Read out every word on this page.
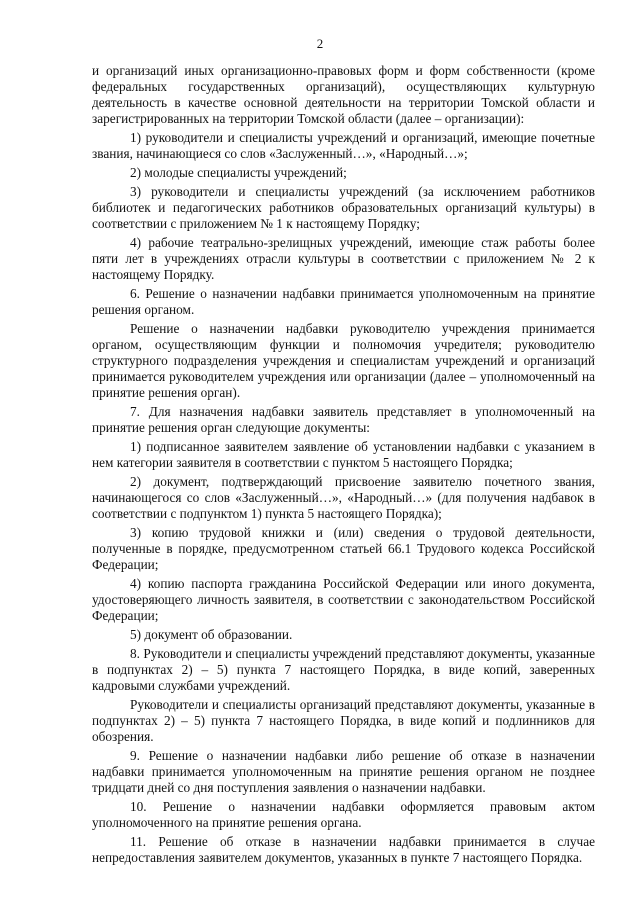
2

и организаций иных организационно-правовых форм и форм собственности (кроме федеральных государственных организаций), осуществляющих культурную деятельность в качестве основной деятельности на территории Томской области и зарегистрированных на территории Томской области (далее – организации):

1) руководители и специалисты учреждений и организаций, имеющие почетные звания, начинающиеся со слов «Заслуженный…», «Народный…»;

2) молодые специалисты учреждений;

3) руководители и специалисты учреждений (за исключением работников библиотек и педагогических работников образовательных организаций культуры) в соответствии с приложением № 1 к настоящему Порядку;

4) рабочие театрально-зрелищных учреждений, имеющие стаж работы более пяти лет в учреждениях отрасли культуры в соответствии с приложением № 2 к настоящему Порядку.

6. Решение о назначении надбавки принимается уполномоченным на принятие решения органом.

Решение о назначении надбавки руководителю учреждения принимается органом, осуществляющим функции и полномочия учредителя; руководителю структурного подразделения учреждения и специалистам учреждений и организаций принимается руководителем учреждения или организации (далее – уполномоченный на принятие решения орган).

7. Для назначения надбавки заявитель представляет в уполномоченный на принятие решения орган следующие документы:

1) подписанное заявителем заявление об установлении надбавки с указанием в нем категории заявителя в соответствии с пунктом 5 настоящего Порядка;

2) документ, подтверждающий присвоение заявителю почетного звания, начинающегося со слов «Заслуженный…», «Народный…» (для получения надбавок в соответствии с подпунктом 1) пункта 5 настоящего Порядка);

3) копию трудовой книжки и (или) сведения о трудовой деятельности, полученные в порядке, предусмотренном статьей 66.1 Трудового кодекса Российской Федерации;

4) копию паспорта гражданина Российской Федерации или иного документа, удостоверяющего личность заявителя, в соответствии с законодательством Российской Федерации;

5) документ об образовании.

8. Руководители и специалисты учреждений представляют документы, указанные в подпунктах 2) – 5) пункта 7 настоящего Порядка, в виде копий, заверенных кадровыми службами учреждений.

Руководители и специалисты организаций представляют документы, указанные в подпунктах 2) – 5) пункта 7 настоящего Порядка, в виде копий и подлинников для обозрения.

9. Решение о назначении надбавки либо решение об отказе в назначении надбавки принимается уполномоченным на принятие решения органом не позднее тридцати дней со дня поступления заявления о назначении надбавки.

10. Решение о назначении надбавки оформляется правовым актом уполномоченного на принятие решения органа.

11. Решение об отказе в назначении надбавки принимается в случае непредоставления заявителем документов, указанных в пункте 7 настоящего Порядка.
